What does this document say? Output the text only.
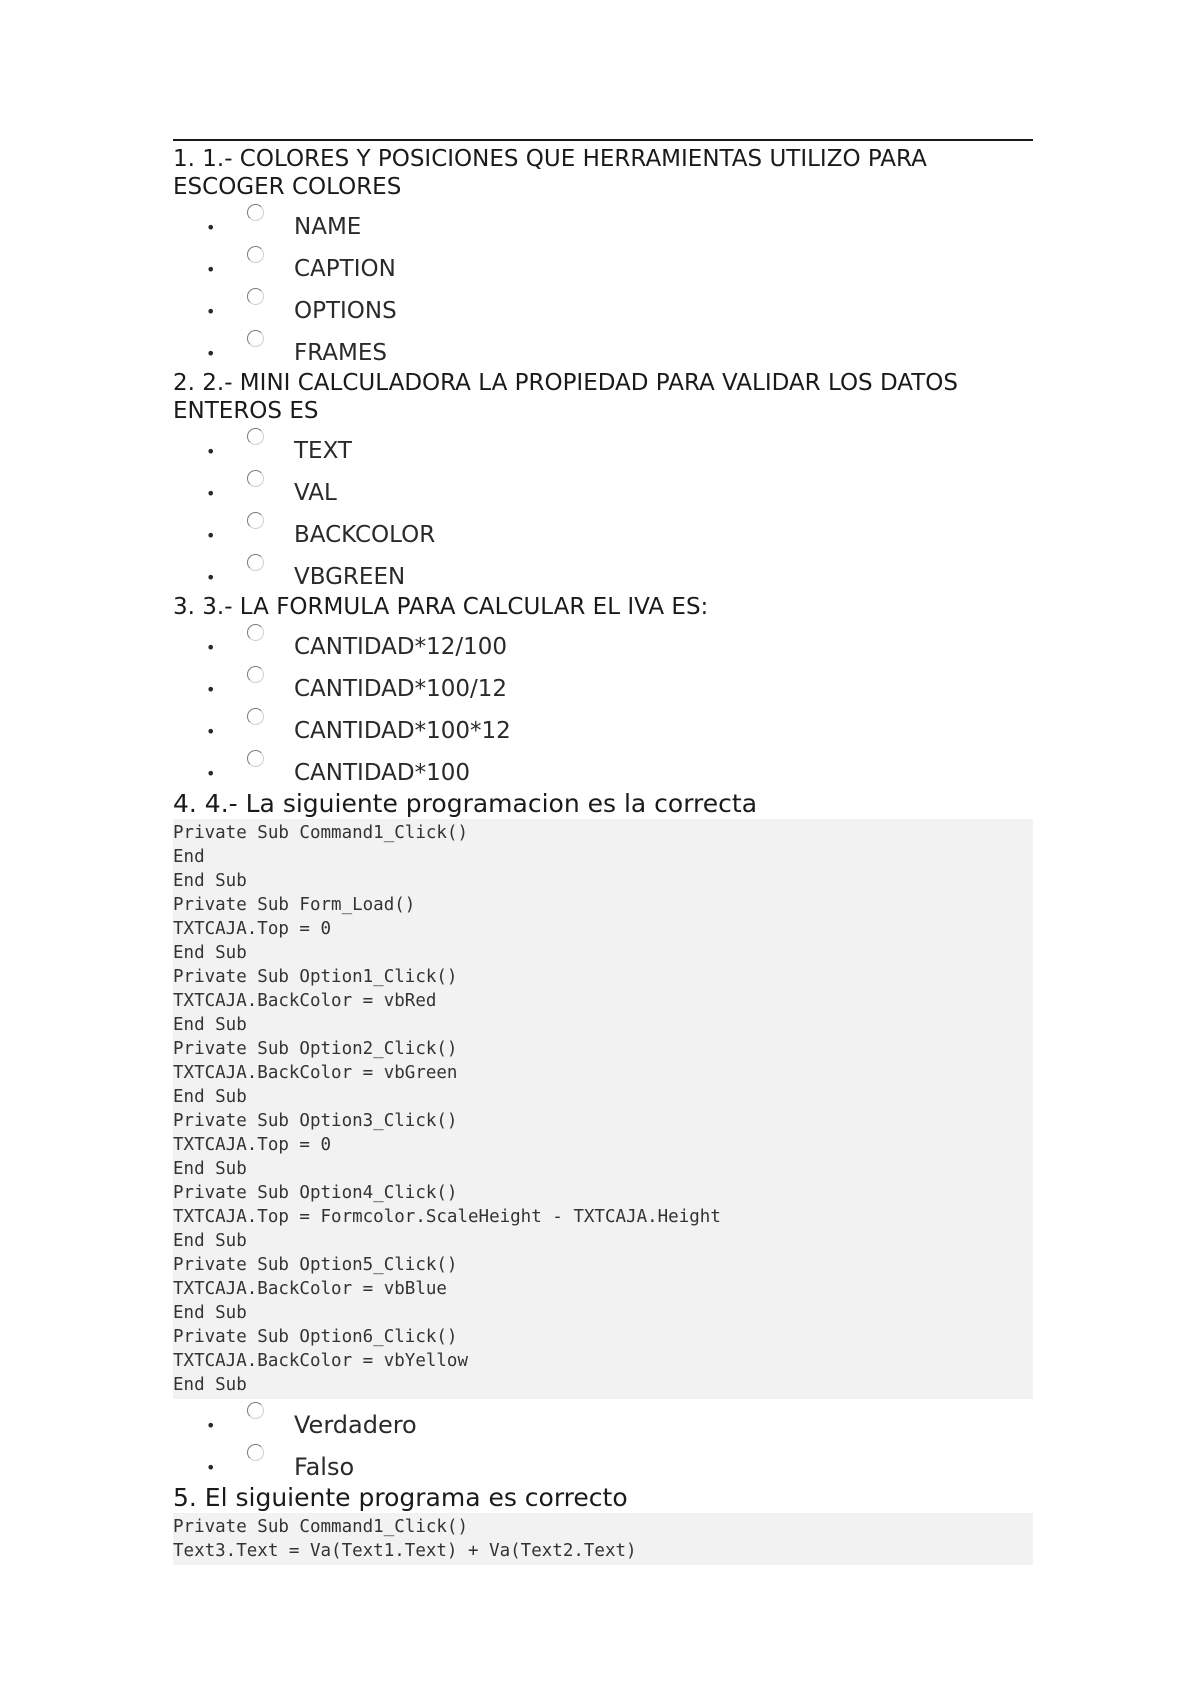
1. 1.- COLORES Y POSICIONES QUE HERRAMIENTAS UTILIZO PARA ESCOGER COLORES
•	NAME
•	CAPTION
•	OPTIONS
•	FRAMES
2. 2.- MINI CALCULADORA LA PROPIEDAD PARA VALIDAR LOS DATOS ENTEROS ES
•	TEXT
•	VAL
•	BACKCOLOR
•	VBGREEN
3. 3.- LA FORMULA PARA CALCULAR EL IVA ES:
•	CANTIDAD*12/100
•	CANTIDAD*100/12
•	CANTIDAD*100*12
•	CANTIDAD*100
4. 4.- La siguiente programacion es la correcta
Private Sub Command1_Click()
End
End Sub
Private Sub Form_Load()
TXTCAJA.Top = 0
End Sub
Private Sub Option1_Click()
TXTCAJA.BackColor = vbRed
End Sub
Private Sub Option2_Click()
TXTCAJA.BackColor = vbGreen
End Sub
Private Sub Option3_Click()
TXTCAJA.Top = 0
End Sub
Private Sub Option4_Click()
TXTCAJA.Top = Formcolor.ScaleHeight - TXTCAJA.Height
End Sub
Private Sub Option5_Click()
TXTCAJA.BackColor = vbBlue
End Sub
Private Sub Option6_Click()
TXTCAJA.BackColor = vbYellow
End Sub
•	Verdadero
•	Falso
5. El siguiente programa es correcto
Private Sub Command1_Click()
Text3.Text = Va(Text1.Text) + Va(Text2.Text)
